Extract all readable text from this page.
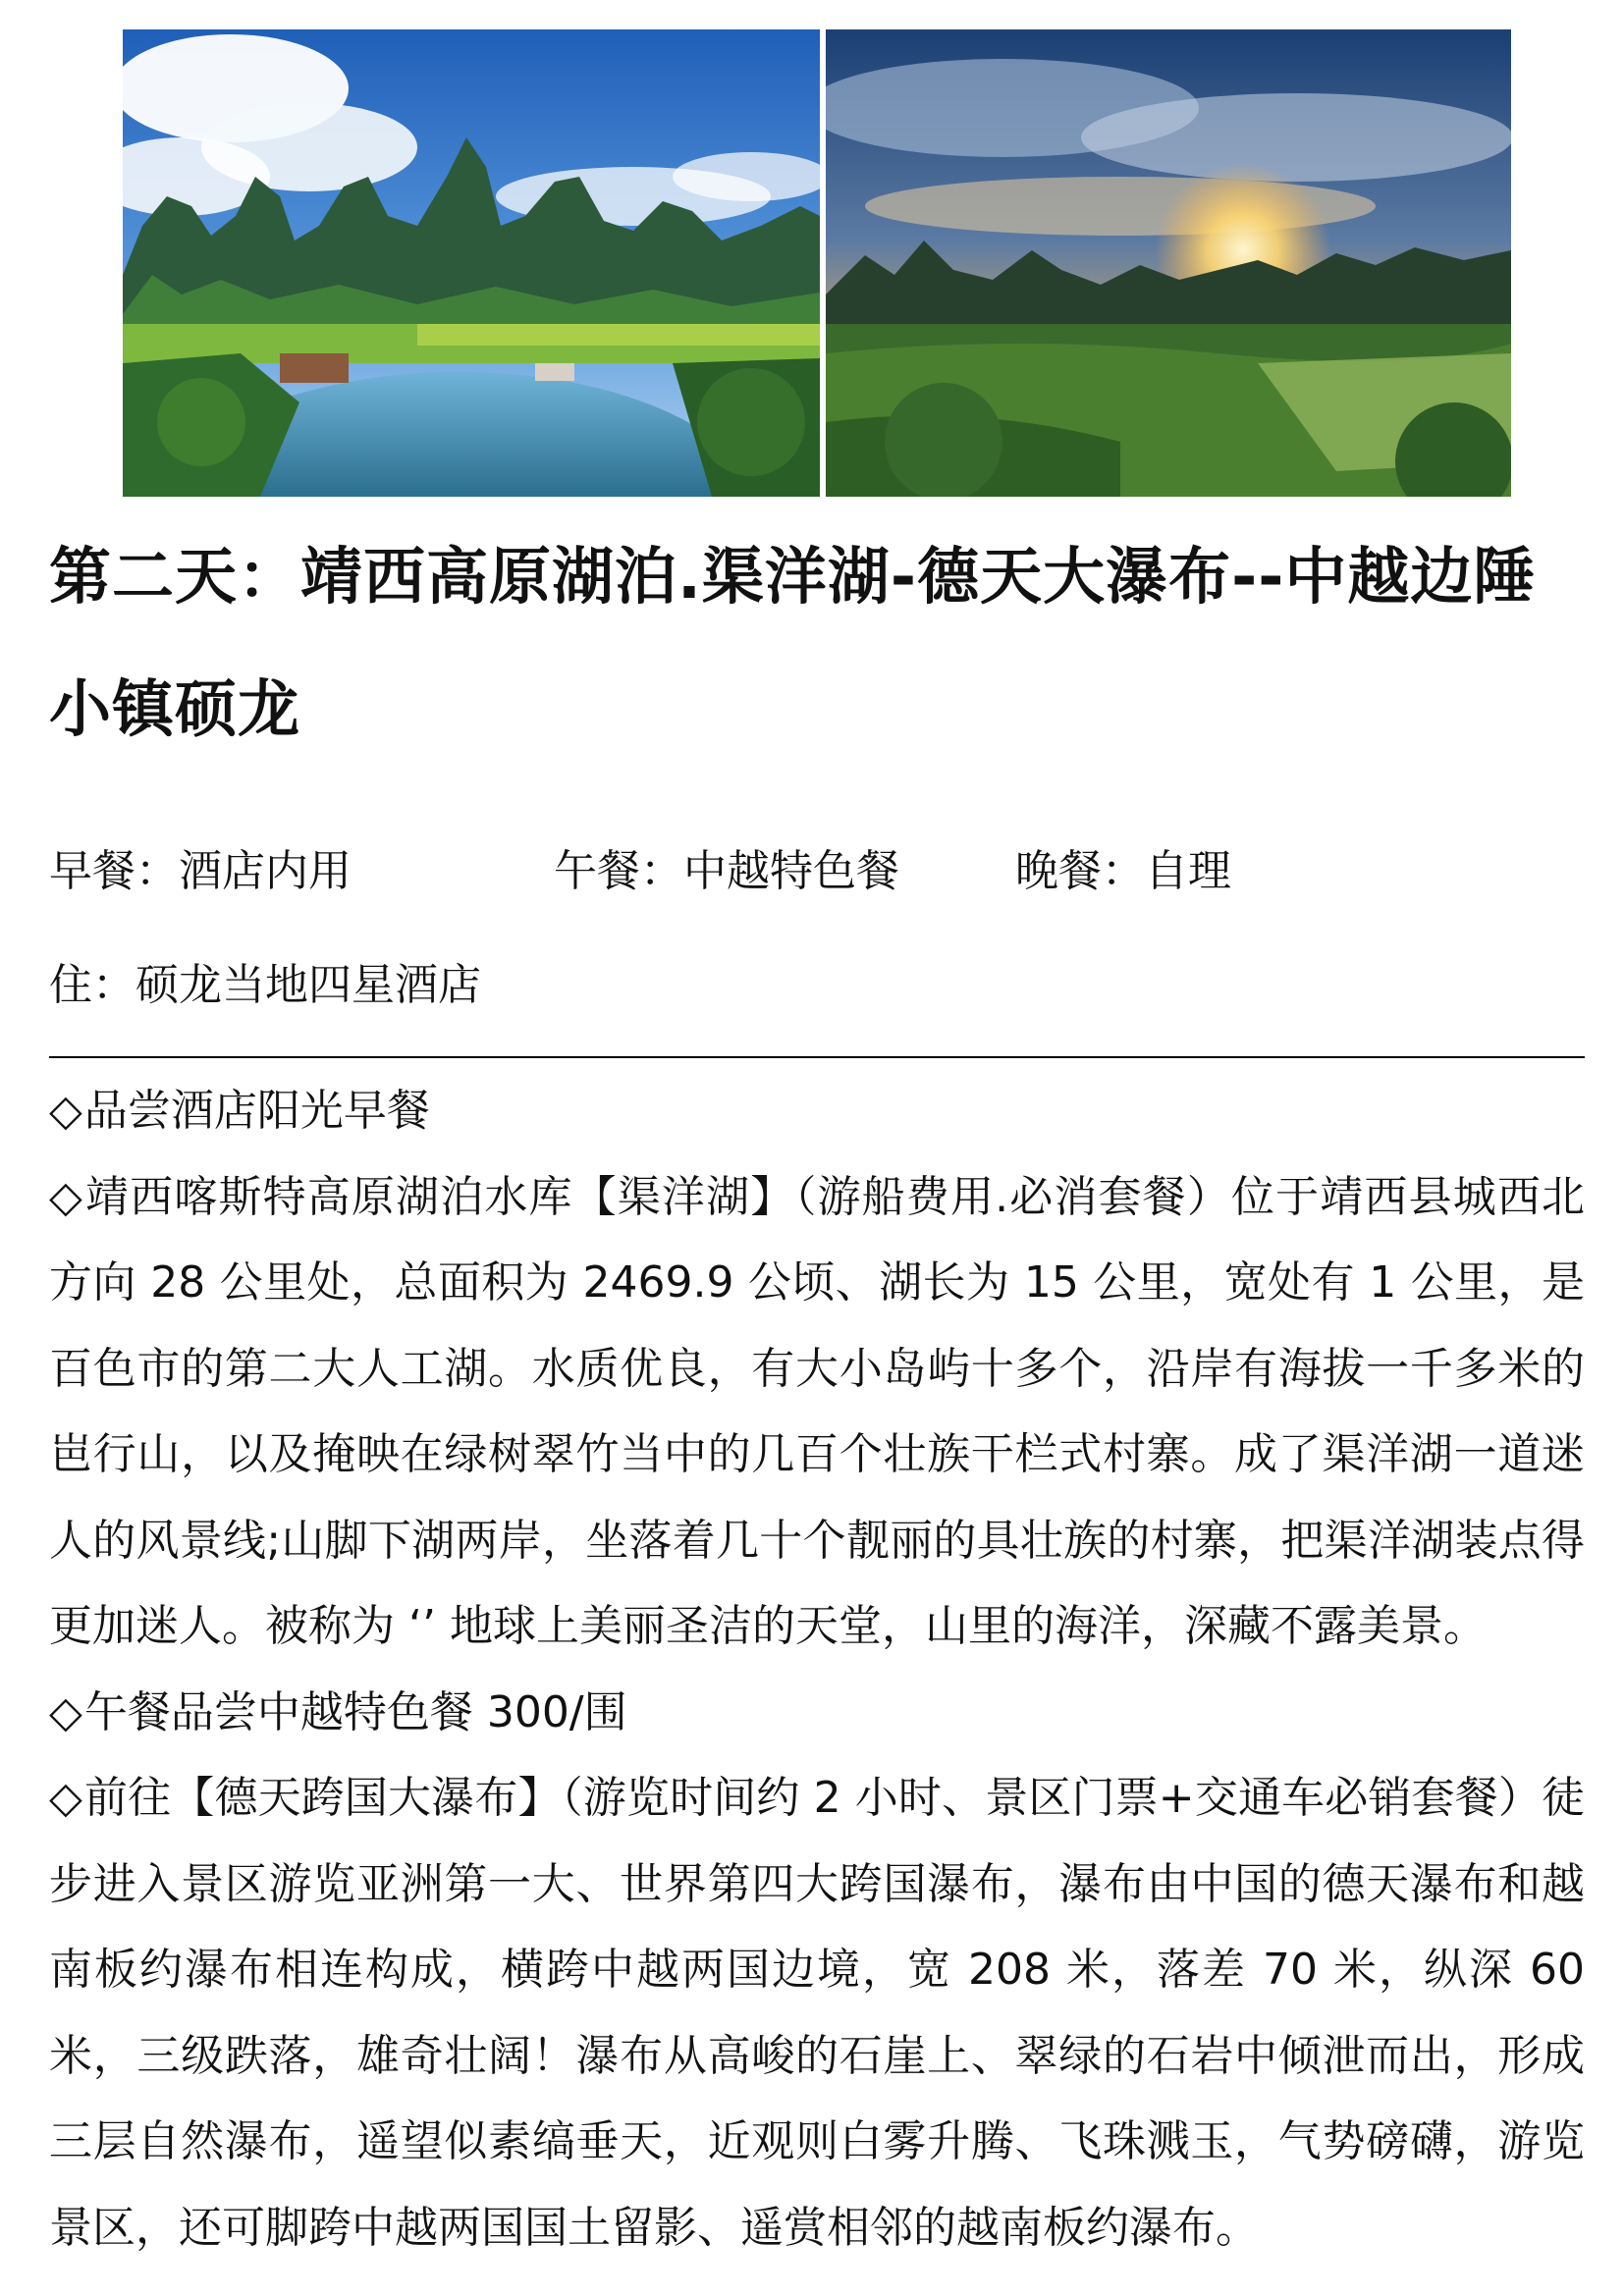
第二天：靖西高原湖泊.渠洋湖-德天大瀑布--中越边陲小镇硕龙
早餐：酒店内用	午餐：中越特色餐	晚餐：自理
住：硕龙当地四星酒店

◇品尝酒店阳光早餐

◇靖西喀斯特高原湖泊水库【渠洋湖】（游船费用.必消套餐）位于靖西县城西北方向 28 公里处，总面积为 2469.9 公顷、湖长为 15 公里，宽处有 1 公里，是百色市的第二大人工湖。水质优良，有大小岛屿十多个，沿岸有海拔一千多米的岜行山，以及掩映在绿树翠竹当中的几百个壮族干栏式村寨。成了渠洋湖一道迷人的风景线;山脚下湖两岸，坐落着几十个靓丽的具壮族的村寨，把渠洋湖装点得更加迷人。被称为 ‘’ 地球上美丽圣洁的天堂，山里的海洋，深藏不露美景。

◇午餐品尝中越特色餐 300/围

◇前往【德天跨国大瀑布】（游览时间约 2 小时、景区门票+交通车必销套餐）徒步进入景区游览亚洲第一大、世界第四大跨国瀑布，瀑布由中国的德天瀑布和越南板约瀑布相连构成，横跨中越两国边境，宽 208 米，落差 70 米，纵深 60 米，三级跌落，雄奇壮阔！瀑布从高峻的石崖上、翠绿的石岩中倾泄而出，形成三层自然瀑布，遥望似素缟垂天，近观则白雾升腾、飞珠溅玉，气势磅礴，游览景区，还可脚跨中越两国国土留影、遥赏相邻的越南板约瀑布。
